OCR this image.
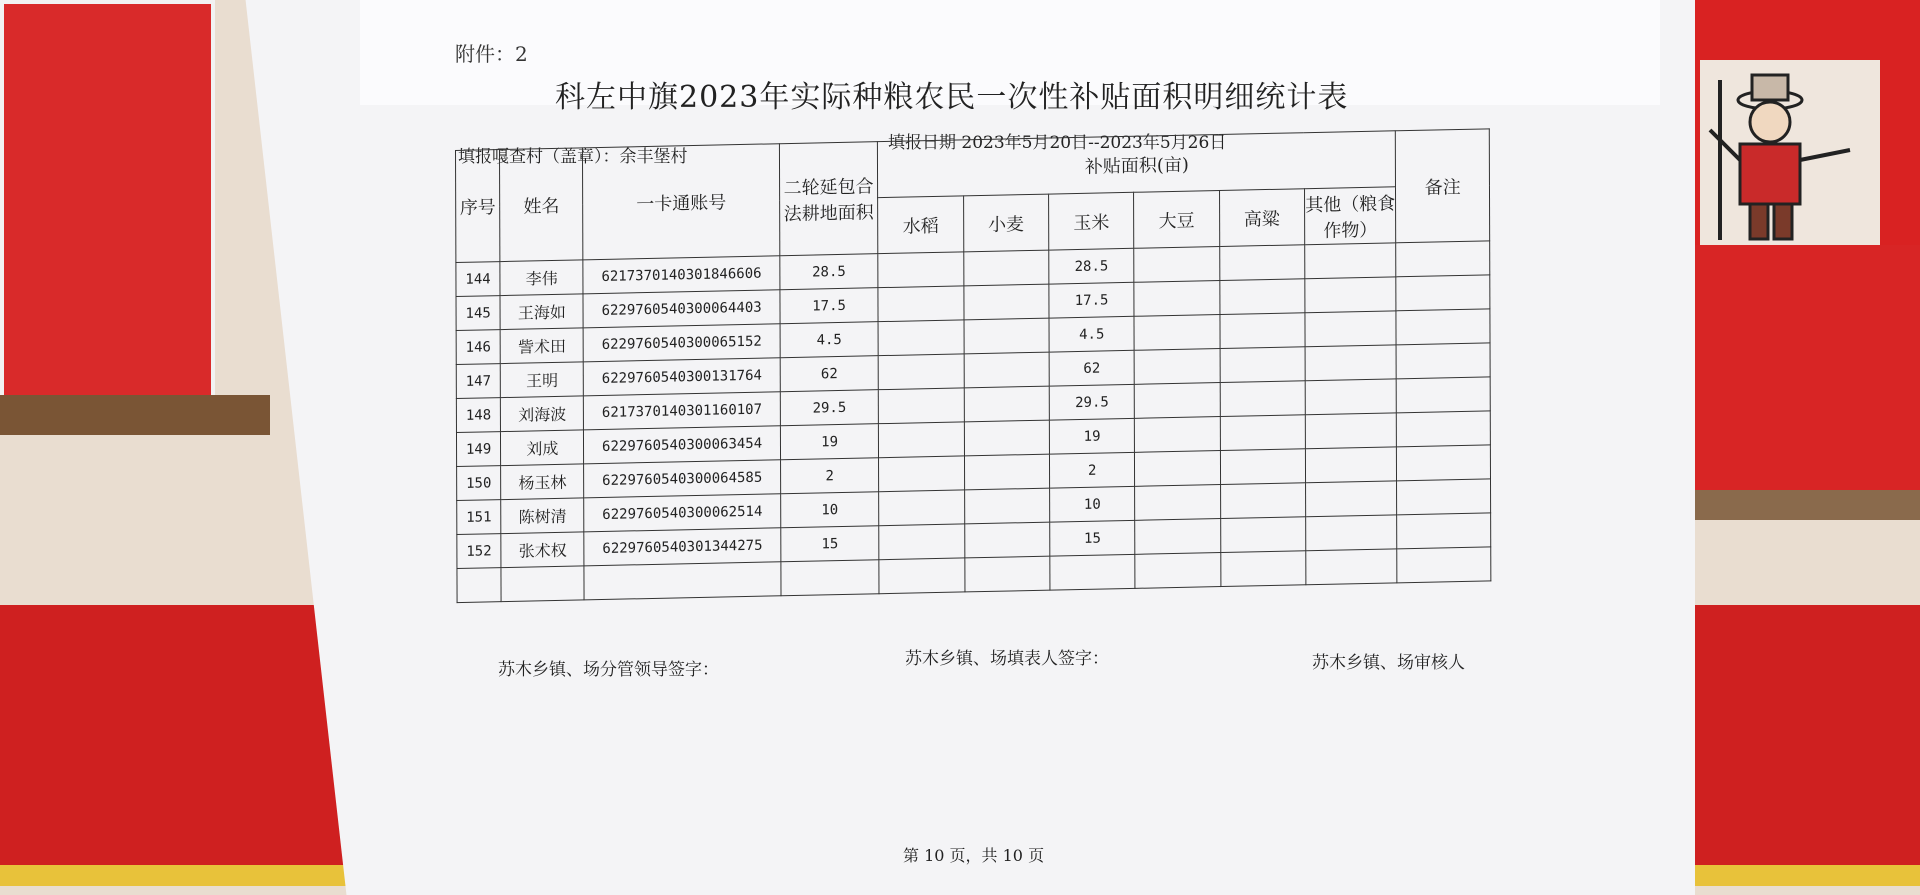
附件：2
科左中旗2023年实际种粮农民一次性补贴面积明细统计表
填报嘎查村（盖章）：余丰堡村
填报日期 2023年5月20日--2023年5月26日
序号	姓名	一卡通账号	二轮延包合法耕地面积	补贴面积(亩)						备注
				水稻	小麦	玉米	大豆	高粱	其他（粮食作物）	
144	李伟	6217370140301846606	28.5			28.5				
145	王海如	6229760540300064403	17.5			17.5				
146	訾术田	6229760540300065152	4.5			4.5				
147	王明	6229760540300131764	62			62				
148	刘海波	6217370140301160107	29.5			29.5				
149	刘成	6229760540300063454	19			19				
150	杨玉林	6229760540300064585	2			2				
151	陈树清	6229760540300062514	10			10				
152	张术权	6229760540301344275	15			15				

苏木乡镇、场分管领导签字：
苏木乡镇、场填表人签字：	苏木乡镇、场审核人
第 10 页，共 10 页
